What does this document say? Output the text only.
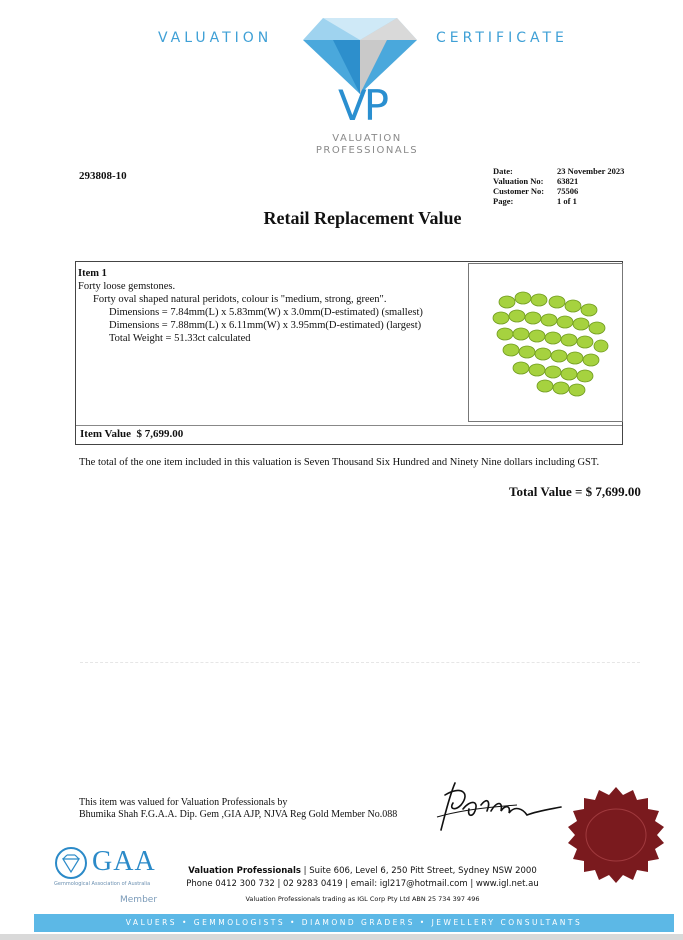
VALUATION	CERTIFICATE
VP
VALUATION
PROFESSIONALS
293808-10	Date:	23 November 2023
Valuation No:	63821
Customer No:	75506
Page:	1 of 1
Retail Replacement Value
Item 1
Forty loose gemstones.
Forty oval shaped natural peridots, colour is "medium, strong, green".
Dimensions = 7.84mm(L) x 5.83mm(W) x 3.0mm(D-estimated) (smallest)
Dimensions = 7.88mm(L) x 6.11mm(W) x 3.95mm(D-estimated) (largest)
Total Weight = 51.33ct calculated
Item Value $ 7,699.00
The total of the one item included in this valuation is Seven Thousand Six Hundred and Ninety Nine dollars including GST.
Total Value = $ 7,699.00
This item was valued for Valuation Professionals by
Bhumika Shah F.G.A.A. Dip. Gem ,GIA AJP, NJVA Reg Gold Member No.088
GAA
Gemmological Association of Australia
Member
Valuation Professionals | Suite 606, Level 6, 250 Pitt Street, Sydney NSW 2000
Phone 0412 300 732 | 02 9283 0419 | email: igl217@hotmail.com | www.igl.net.au
Valuation Professionals trading as IGL Corp Pty Ltd ABN 25 734 397 496
VALUERS • GEMMOLOGISTS • DIAMOND GRADERS • JEWELLERY CONSULTANTS
